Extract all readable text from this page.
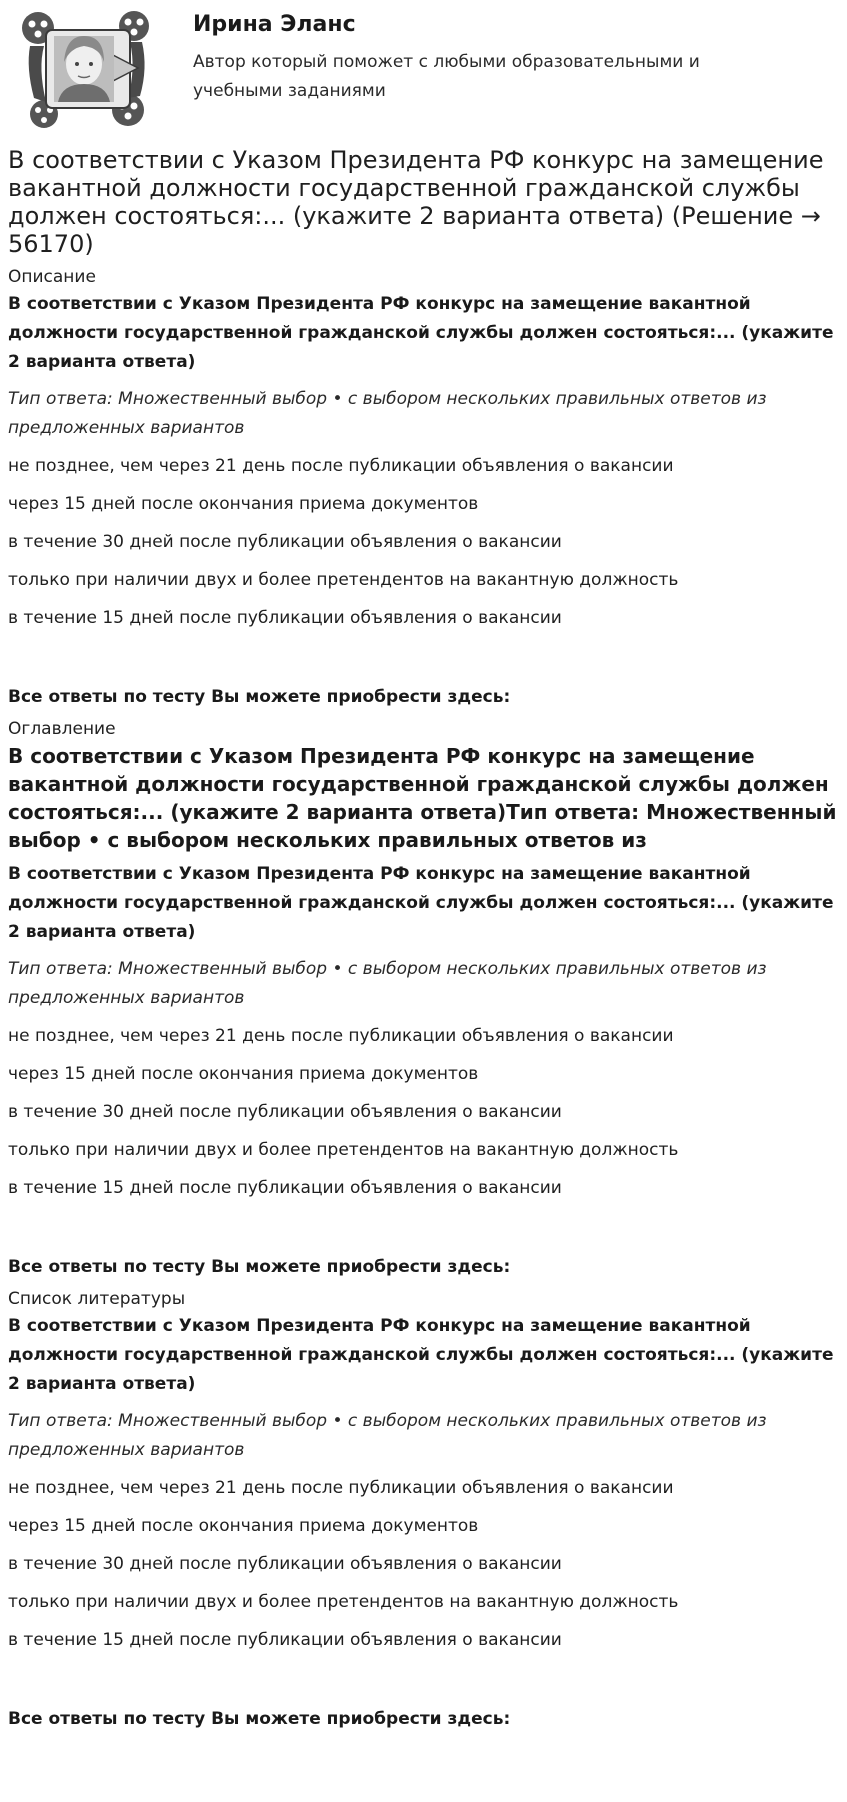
Ирина Эланс
Автор который поможет с любыми образовательными и учебными заданиями
В соответствии с Указом Президента РФ конкурс на замещение вакантной должности государственной гражданской службы должен состояться:... (укажите 2 варианта ответа) (Решение → 56170)
Описание
В соответствии с Указом Президента РФ конкурс на замещение вакантной должности государственной гражданской службы должен состояться:... (укажите 2 варианта ответа)
Тип ответа: Множественный выбор • с выбором нескольких правильных ответов из предложенных вариантов
не позднее, чем через 21 день после публикации объявления о вакансии
через 15 дней после окончания приема документов
в течение 30 дней после публикации объявления о вакансии
только при наличии двух и более претендентов на вакантную должность
в течение 15 дней после публикации объявления о вакансии
Все ответы по тесту Вы можете приобрести здесь:
Оглавление
В соответствии с Указом Президента РФ конкурс на замещение вакантной должности государственной гражданской службы должен состояться:... (укажите 2 варианта ответа)Тип ответа: Множественный выбор • с выбором нескольких правильных ответов из
В соответствии с Указом Президента РФ конкурс на замещение вакантной должности государственной гражданской службы должен состояться:... (укажите 2 варианта ответа)
Тип ответа: Множественный выбор • с выбором нескольких правильных ответов из предложенных вариантов
не позднее, чем через 21 день после публикации объявления о вакансии
через 15 дней после окончания приема документов
в течение 30 дней после публикации объявления о вакансии
только при наличии двух и более претендентов на вакантную должность
в течение 15 дней после публикации объявления о вакансии
Все ответы по тесту Вы можете приобрести здесь:
Список литературы
В соответствии с Указом Президента РФ конкурс на замещение вакантной должности государственной гражданской службы должен состояться:... (укажите 2 варианта ответа)
Тип ответа: Множественный выбор • с выбором нескольких правильных ответов из предложенных вариантов
не позднее, чем через 21 день после публикации объявления о вакансии
через 15 дней после окончания приема документов
в течение 30 дней после публикации объявления о вакансии
только при наличии двух и более претендентов на вакантную должность
в течение 15 дней после публикации объявления о вакансии
Все ответы по тесту Вы можете приобрести здесь:
